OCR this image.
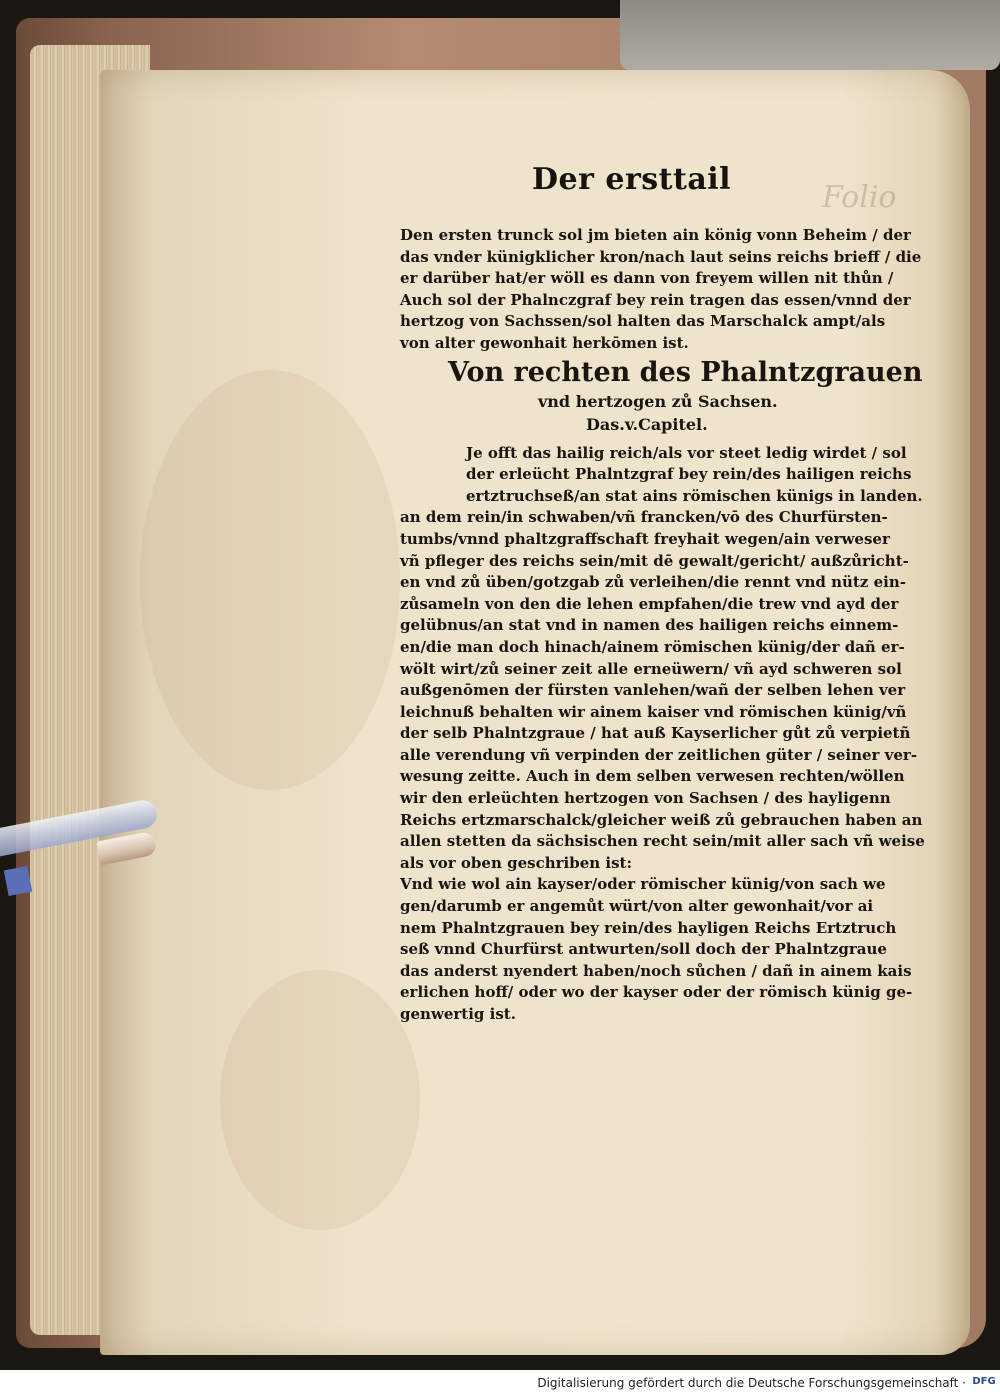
Der ersttail
Folio
Den ersten trunck sol jm bieten ain könig vonn Beheim / der
das vnder künigklicher kron/nach laut seins reichs brieff / die
er darüber hat/er wöll es dann von freyem willen nit thůn /
Auch sol der Phalnczgraf bey rein tragen das essen/vnnd der
hertzog von Sachssen/sol halten das Marschalck ampt/als
von alter gewonhait herkōmen ist.
Von rechten des Phalntzgrauen
vnd hertzogen zů Sachsen.
Das.v.Capitel.
Je offt das hailig reich/als vor steet ledig wirdet / sol
der erleücht Phalntzgraf bey rein/des hailigen reichs
ertztruchseß/an stat ains römischen künigs in landen.
an dem rein/in schwaben/vñ francken/vō des Churfürsten-
tumbs/vnnd phaltzgraffschaft freyhait wegen/ain verweser
vñ pfleger des reichs sein/mit dē gewalt/gericht/ außzůricht-
en vnd zů üben/gotzgab zů verleihen/die rennt vnd nütz ein-
zůsameln von den die lehen empfahen/die trew vnd ayd der
gelübnus/an stat vnd in namen des hailigen reichs einnem-
en/die man doch hinach/ainem römischen künig/der dañ er-
wölt wirt/zů seiner zeit alle erneüwern/ vñ ayd schweren sol
außgenōmen der fürsten vanlehen/wañ der selben lehen ver
leichnuß behalten wir ainem kaiser vnd römischen künig/vñ
der selb Phalntzgraue / hat auß Kayserlicher gůt zů verpietñ
alle verendung vñ verpinden der zeitlichen güter / seiner ver-
wesung zeitte. Auch in dem selben verwesen rechten/wöllen
wir den erleüchten hertzogen von Sachsen / des hayligenn
Reichs ertzmarschalck/gleicher weiß zů gebrauchen haben an
allen stetten da sächsischen recht sein/mit aller sach vñ weise
als vor oben geschriben ist:
Vnd wie wol ain kayser/oder römischer künig/von sach we
gen/darumb er angemůt würt/von alter gewonhait/vor ai
nem Phalntzgrauen bey rein/des hayligen Reichs Ertztruch
seß vnnd Churfürst antwurten/soll doch der Phalntzgraue
das anderst nyendert haben/noch sůchen / dañ in ainem kais
erlichen hoff/ oder wo der kayser oder der römisch künig ge-
genwertig ist.
Digitalisierung gefördert durch die Deutsche Forschungsgemeinschaft · DFG
